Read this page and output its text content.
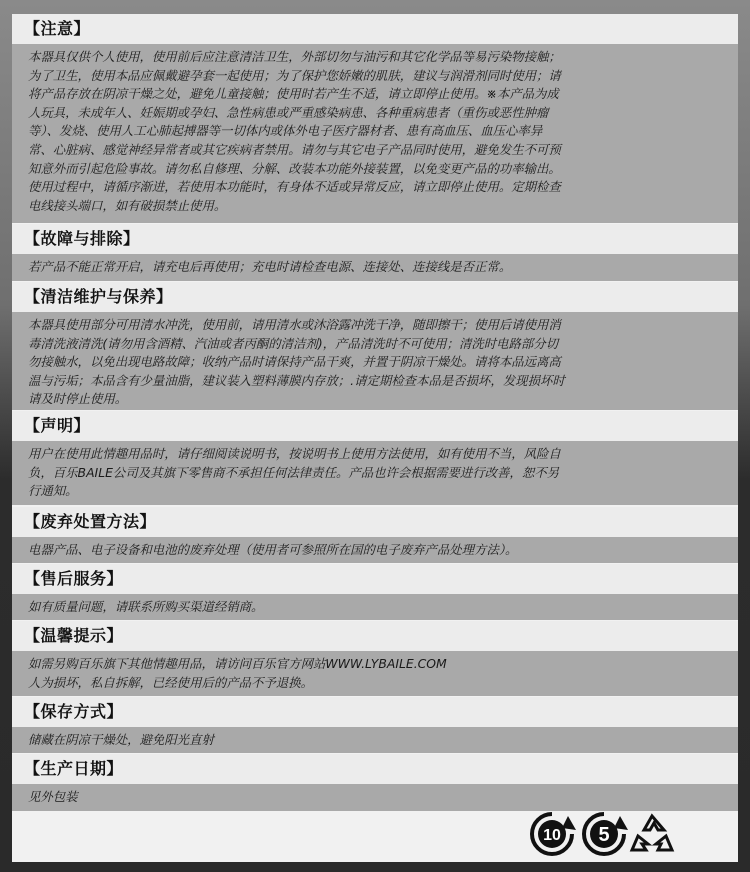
【注意】
本器具仅供个人使用，使用前后应注意清洁卫生，外部切勿与油污和其它化学品等易污染物接触；
为了卫生，使用本品应佩戴避孕套一起使用；为了保护您娇嫩的肌肤，建议与润滑剂同时使用；请
将产品存放在阴凉干燥之处，避免儿童接触；使用时若产生不适，请立即停止使用。※本产品为成
人玩具，未成年人、妊娠期或孕妇、急性病患或严重感染病患、各种重病患者（重伤或恶性肿瘤
等）、发烧、使用人工心肺起搏器等一切体内或体外电子医疗器材者、患有高血压、血压心率异
常、心脏病、感觉神经异常者或其它疾病者禁用。请勿与其它电子产品同时使用，避免发生不可预
知意外而引起危险事故。请勿私自修理、分解、改装本功能外接装置，以免变更产品的功率输出。
使用过程中，请循序渐进，若使用本功能时，有身体不适或异常反应，请立即停止使用。定期检查
电线接头端口，如有破损禁止使用。
【故障与排除】
若产品不能正常开启，请充电后再使用；充电时请检查电源、连接处、连接线是否正常。
【清洁维护与保养】
本器具使用部分可用清水冲洗，使用前，请用清水或沐浴露冲洗干净，随即擦干；使用后请使用消
毒清洗液清洗(请勿用含酒精、汽油或者丙酮的清洁剂)，产品清洗时不可使用；清洗时电路部分切
勿接触水，以免出现电路故障；收纳产品时请保持产品干爽，并置于阴凉干燥处。请将本品远离高
温与污垢；本品含有少量油脂，建议装入塑料薄膜内存放；.请定期检查本品是否损坏，发现损坏时
请及时停止使用。
【声明】
用户在使用此情趣用品时，请仔细阅读说明书，按说明书上使用方法使用，如有使用不当，风险自
负，百乐BAILE公司及其旗下零售商不承担任何法律责任。产品也许会根据需要进行改善，恕不另
行通知。
【废弃处置方法】
电器产品、电子设备和电池的废弃处理（使用者可参照所在国的电子废弃产品处理方法）。
【售后服务】
如有质量问题，请联系所购买渠道经销商。
【温馨提示】
如需另购百乐旗下其他情趣用品，请访问百乐官方网站WWW.LYBAILE.COM
人为损坏，私自拆解，已经使用后的产品不予退换。
【保存方式】
储藏在阴凉干燥处，避免阳光直射
【生产日期】
见外包装
10 5
